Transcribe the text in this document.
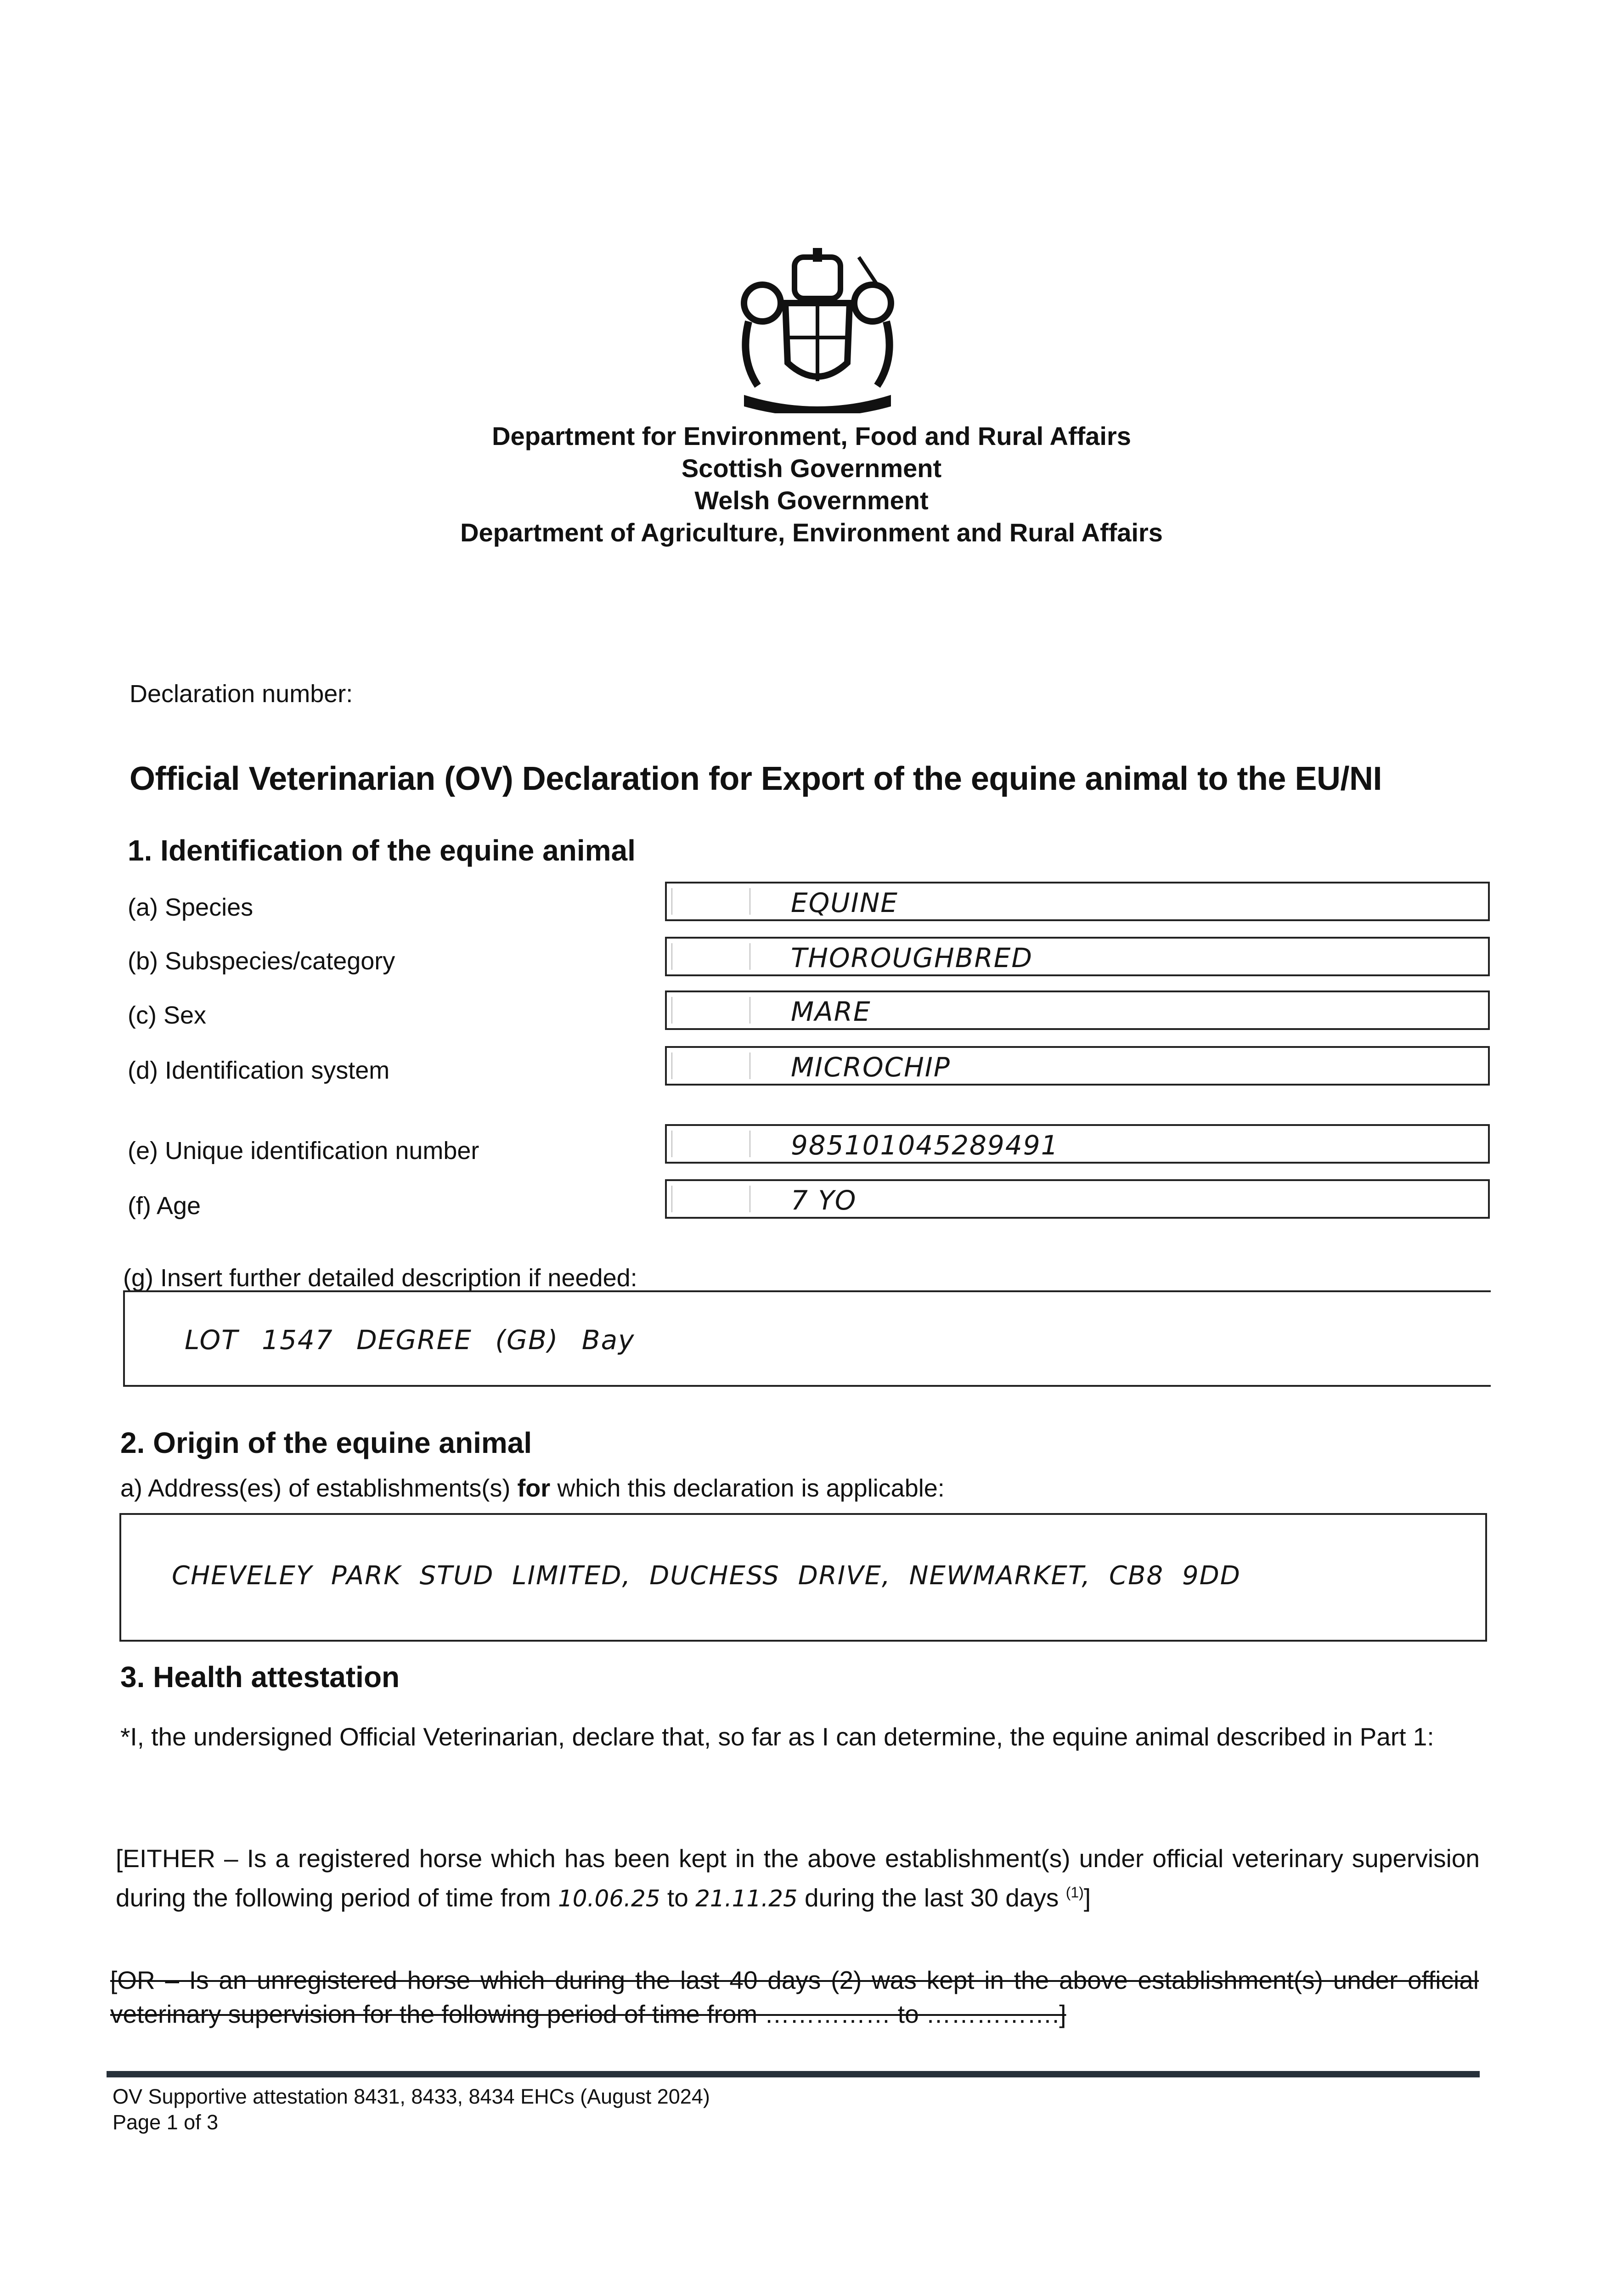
Department for Environment, Food and Rural Affairs
Scottish Government
Welsh Government
Department of Agriculture, Environment and Rural Affairs
Declaration number:
Official Veterinarian (OV) Declaration for Export of the equine animal to the EU/NI
1. Identification of the equine animal
(a) Species	EQUINE
(b) Subspecies/category	THOROUGHBRED
(c) Sex	MARE
(d) Identification system	MICROCHIP
(e) Unique identification number	985101045289491
(f) Age	7 YO
(g) Insert further detailed description if needed:
LOT 1547 DEGREE (GB) Bay
2. Origin of the equine animal
a) Address(es) of establishments(s) for which this declaration is applicable:
CHEVELEY PARK STUD LIMITED, DUCHESS DRIVE, NEWMARKET, CB8 9DD
3. Health attestation
*I, the undersigned Official Veterinarian, declare that, so far as I can determine, the equine animal described in Part 1:
[EITHER – Is a registered horse which has been kept in the above establishment(s) under official veterinary supervision during the following period of time from 10.06.25 to 21.11.25 during the last 30 days $^{(1)}$]
[OR – Is an unregistered horse which during the last 40 days (2) was kept in the above establishment(s) under official veterinary supervision for the following period of time from …………… to …………….]
OV Supportive attestation 8431, 8433, 8434 EHCs (August 2024)
Page 1 of 3
